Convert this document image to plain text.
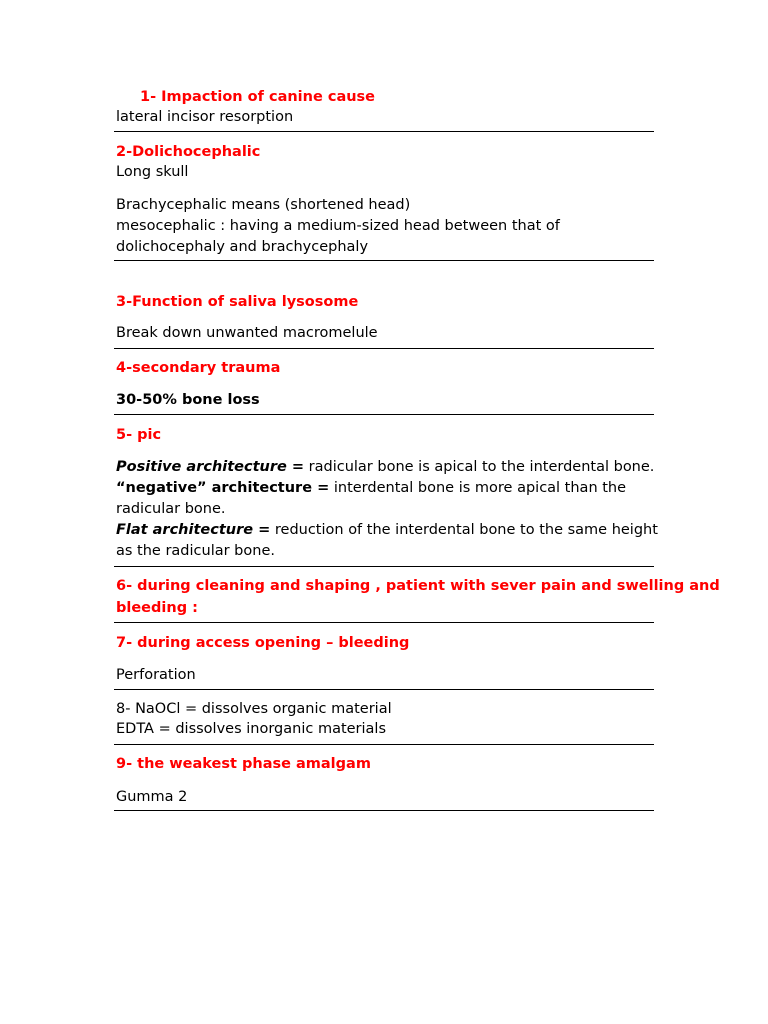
1- Impaction of canine cause
lateral incisor resorption
2-Dolichocephalic
Long skull
Brachycephalic means (shortened head)
mesocephalic : having a medium-sized head between that of
dolichocephaly and brachycephaly
3-Function of saliva lysosome
Break down unwanted macromelule
4-secondary trauma
30-50% bone loss
5- pic
Positive architecture = radicular bone is apical to the interdental bone.
“negative” architecture = interdental bone is more apical than the
radicular bone.
Flat architecture = reduction of the interdental bone to the same height
as the radicular bone.
6- during cleaning and shaping , patient with sever pain and swelling and
bleeding :
7- during access opening – bleeding
Perforation
8- NaOCl = dissolves organic material
EDTA = dissolves inorganic materials
9- the weakest phase amalgam
Gumma 2
